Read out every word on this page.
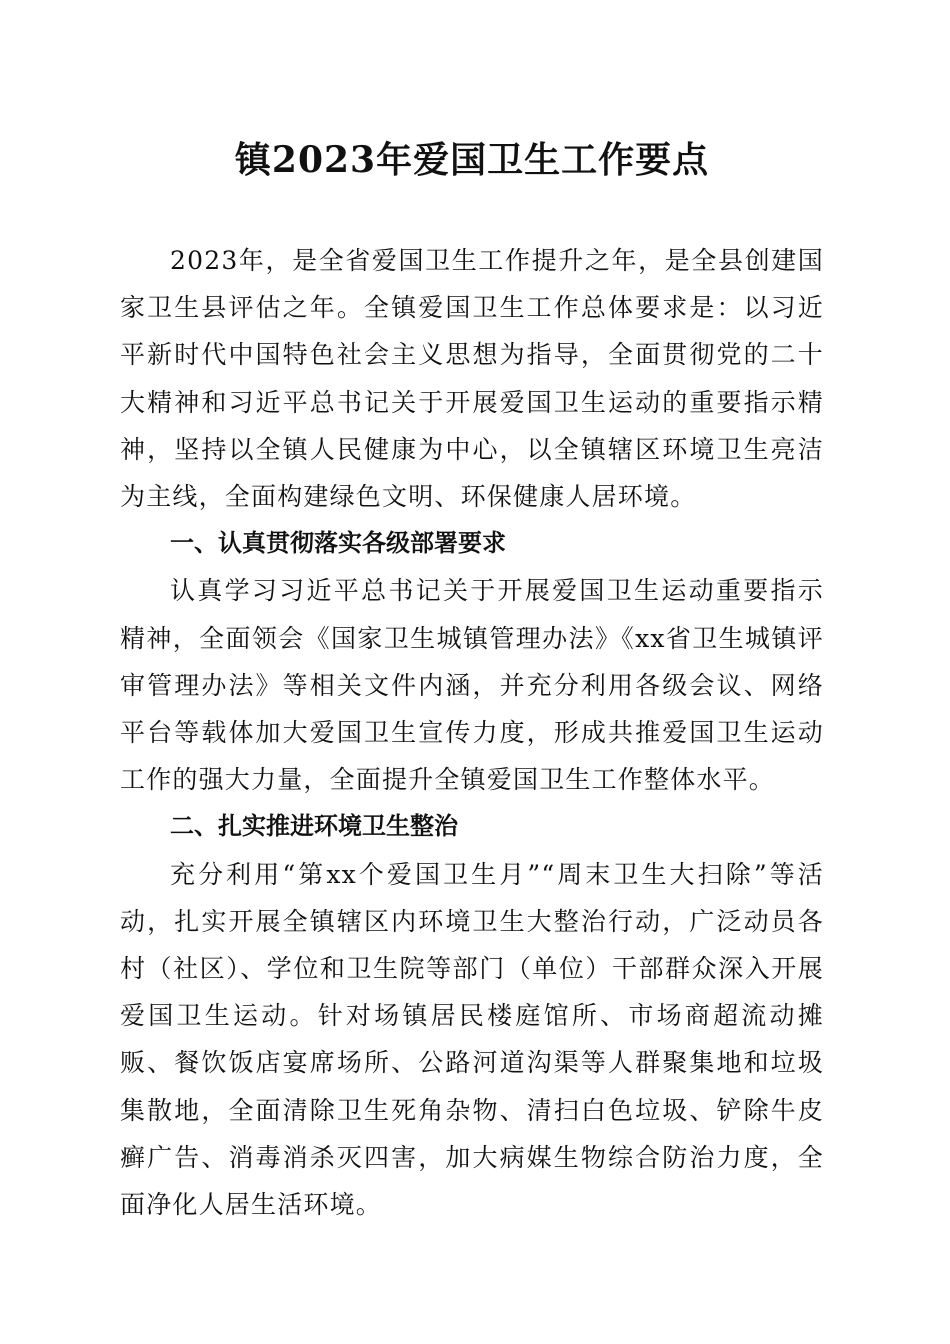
镇2023年爱国卫生工作要点

2023年，是全省爱国卫生工作提升之年，是全县创建国家卫生县评估之年。全镇爱国卫生工作总体要求是：以习近平新时代中国特色社会主义思想为指导，全面贯彻党的二十大精神和习近平总书记关于开展爱国卫生运动的重要指示精神，坚持以全镇人民健康为中心，以全镇辖区环境卫生亮洁为主线，全面构建绿色文明、环保健康人居环境。

一、认真贯彻落实各级部署要求

认真学习习近平总书记关于开展爱国卫生运动重要指示精神，全面领会《国家卫生城镇管理办法》《xx省卫生城镇评审管理办法》等相关文件内涵，并充分利用各级会议、网络平台等载体加大爱国卫生宣传力度，形成共推爱国卫生运动工作的强大力量，全面提升全镇爱国卫生工作整体水平。

二、扎实推进环境卫生整治

充分利用“第xx个爱国卫生月”“周末卫生大扫除”等活动，扎实开展全镇辖区内环境卫生大整治行动，广泛动员各村（社区）、学位和卫生院等部门（单位）干部群众深入开展爱国卫生运动。针对场镇居民楼庭馆所、市场商超流动摊贩、餐饮饭店宴席场所、公路河道沟渠等人群聚集地和垃圾集散地，全面清除卫生死角杂物、清扫白色垃圾、铲除牛皮癣广告、消毒消杀灭四害，加大病媒生物综合防治力度，全面净化人居生活环境。
